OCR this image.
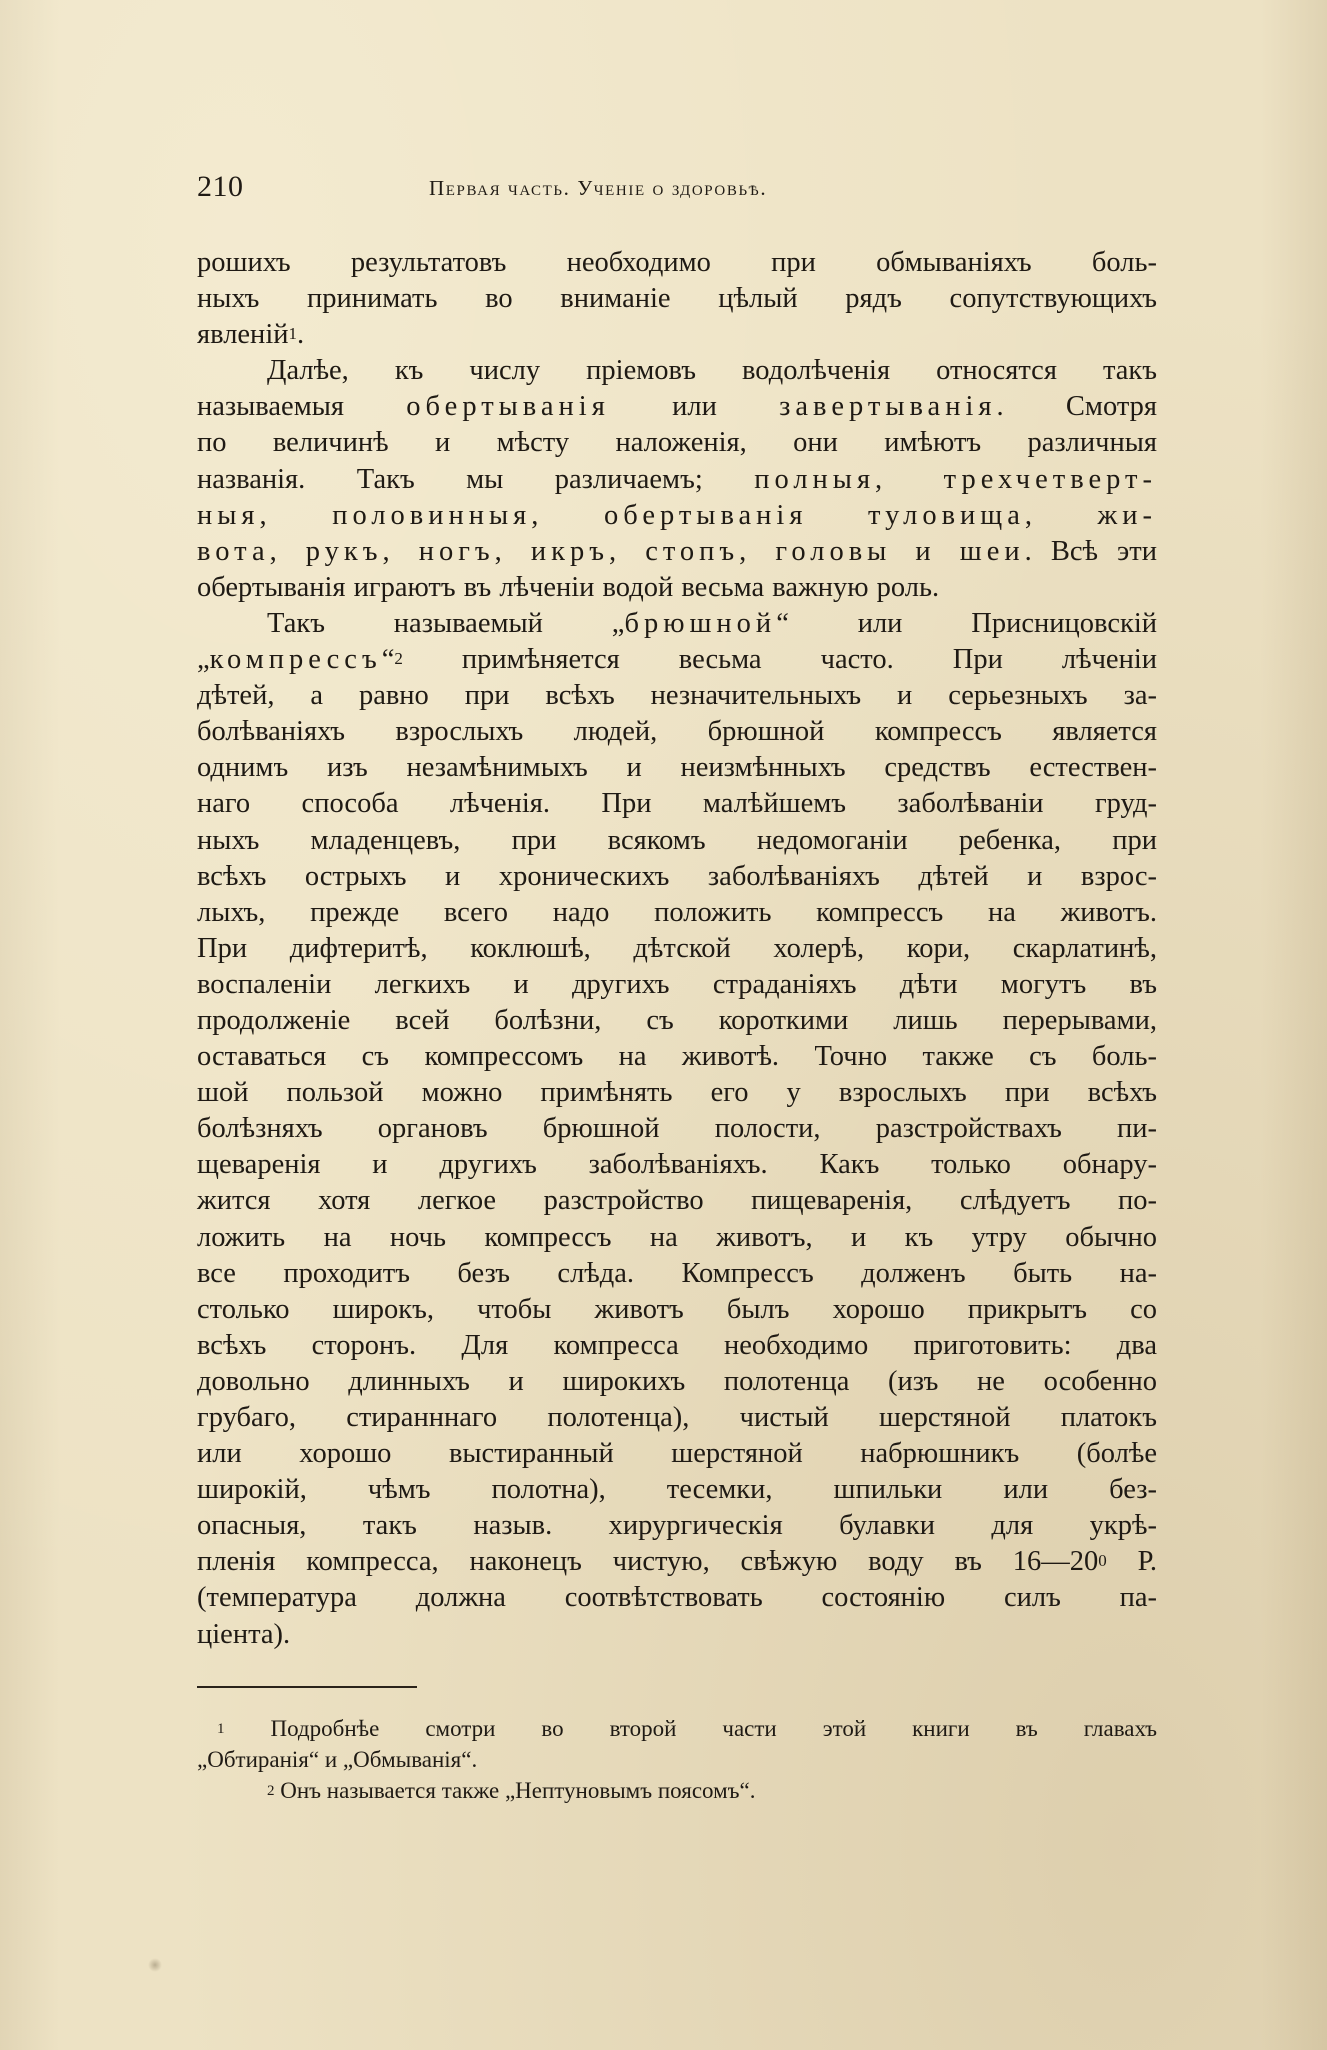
210	Первая часть. Ученіе о здоровьѣ.
рошихъ результатовъ необходимо при обмываніяхъ боль-
ныхъ принимать во вниманіе цѣлый рядъ сопутствующихъ
явленій$^1$.
Далѣе, къ числу пріемовъ водолѣченія относятся такъ
называемыя обертыванія или завертыванія. Смотря
по величинѣ и мѣсту наложенія, они имѣютъ различныя
названія. Такъ мы различаемъ; полныя, трехчетверт-
ныя, половинныя, обертыванія туловища, жи-
вота, рукъ, ногъ, икръ, стопъ, головы и шеи. Всѣ эти
обертыванія играютъ въ лѣченіи водой весьма важную роль.
Такъ называемый „брюшной“ или Присницовскій
„компрессъ“$^2$ примѣняется весьма часто. При лѣченіи
дѣтей, а равно при всѣхъ незначительныхъ и серьезныхъ за-
болѣваніяхъ взрослыхъ людей, брюшной компрессъ является
однимъ изъ незамѣнимыхъ и неизмѣнныхъ средствъ естествен-
наго способа лѣченія. При малѣйшемъ заболѣваніи груд-
ныхъ младенцевъ, при всякомъ недомоганіи ребенка, при
всѣхъ острыхъ и хроническихъ заболѣваніяхъ дѣтей и взрос-
лыхъ, прежде всего надо положить компрессъ на животъ.
При дифтеритѣ, коклюшѣ, дѣтской холерѣ, кори, скарлатинѣ,
воспаленіи легкихъ и другихъ страданіяхъ дѣти могутъ въ
продолженіе всей болѣзни, съ короткими лишь перерывами,
оставаться съ компрессомъ на животѣ. Точно также съ боль-
шой пользой можно примѣнять его у взрослыхъ при всѣхъ
болѣзняхъ органовъ брюшной полости, разстройствахъ пи-
щеваренія и другихъ заболѣваніяхъ. Какъ только обнару-
жится хотя легкое разстройство пищеваренія, слѣдуетъ по-
ложить на ночь компрессъ на животъ, и къ утру обычно
все проходитъ безъ слѣда. Компрессъ долженъ быть на-
столько широкъ, чтобы животъ былъ хорошо прикрытъ со
всѣхъ сторонъ. Для компресса необходимо приготовить: два
довольно длинныхъ и широкихъ полотенца (изъ не особенно
грубаго, стиранннаго полотенца), чистый шерстяной платокъ
или хорошо выстиранный шерстяной набрюшникъ (болѣе
широкій, чѣмъ полотна), тесемки, шпильки или без-
опасныя, такъ назыв. хирургическія булавки для укрѣ-
пленія компресса, наконецъ чистую, свѣжую воду въ $16—20^0$ Р.
(температура должна соотвѣтствовать состоянію силъ па-
ціента).
$^1$ Подробнѣе смотри во второй части этой книги въ главахъ
„Обтиранія“ и „Обмыванія“.
$^2$ Онъ называется также „Нептуновымъ поясомъ“.
